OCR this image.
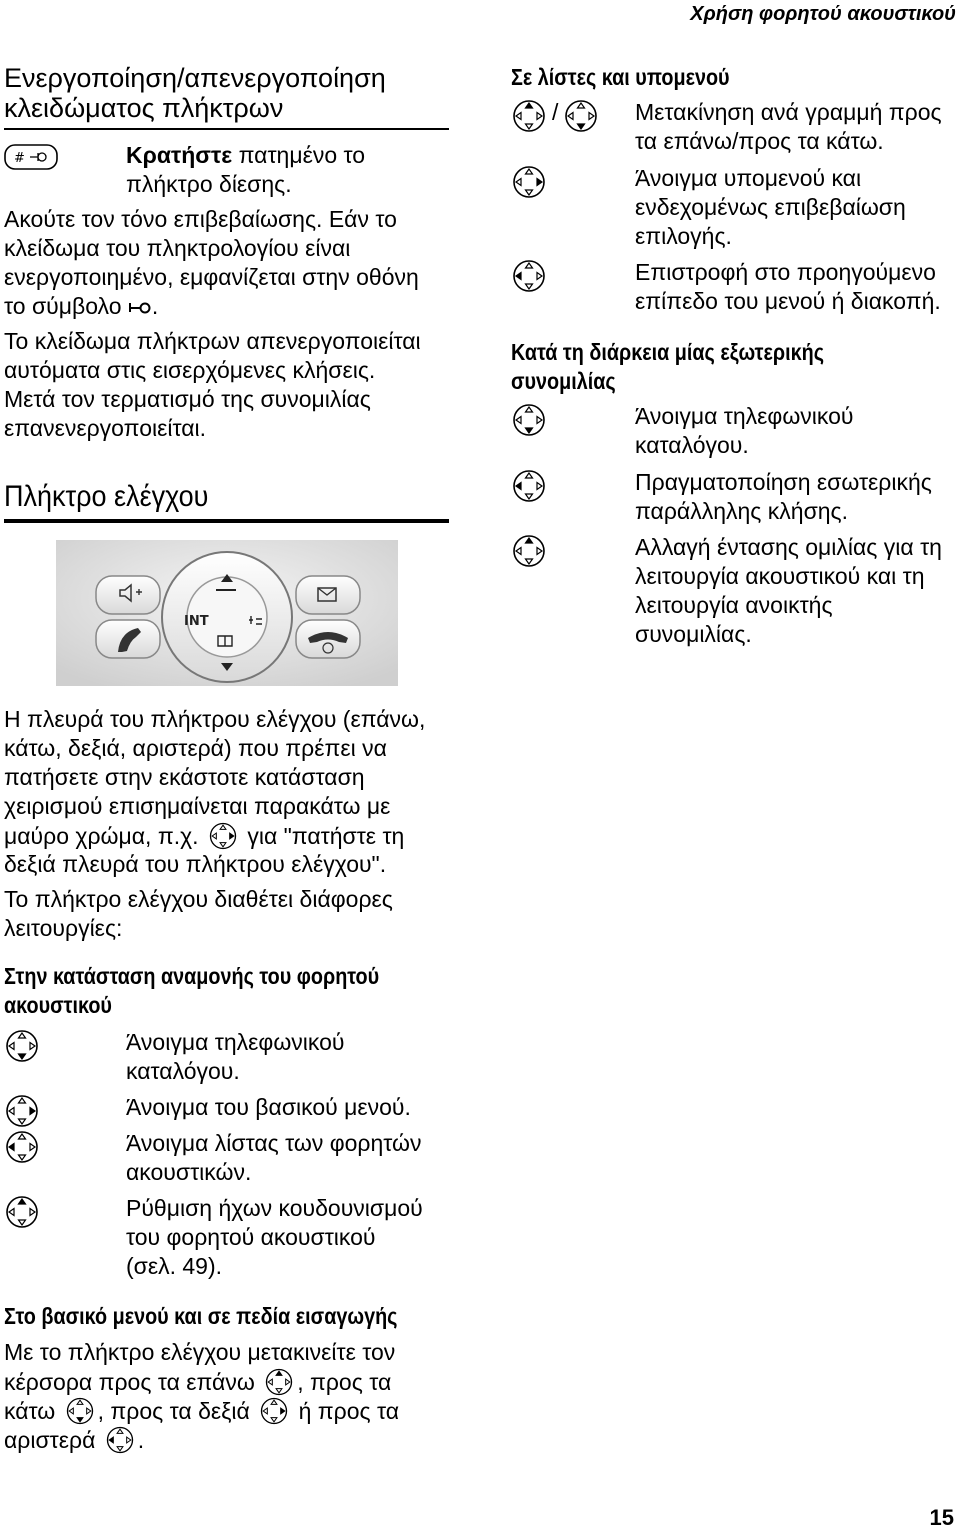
Χρήση φορητού ακουστικού
Ενεργοποίηση/απενεργοποίηση
κλειδώματος πλήκτρων
#	Κρατήστε πατημένο το
πλήκτρο δίεσης.
Ακούτε τον τόνο επιβεβαίωσης. Εάν το
κλείδωμα του πληκτρολογίου είναι
ενεργοποιημένο, εμφανίζεται στην οθόνη
το σύμβολο .
Το κλείδωμα πλήκτρων απενεργοποιείται
αυτόματα στις εισερχόμενες κλήσεις.
Μετά τον τερματισμό της συνομιλίας
επανενεργοποιείται.
Πλήκτρο ελέγχου
INT
Η πλευρά του πλήκτρου ελέγχου (επάνω,
κάτω, δεξιά, αριστερά) που πρέπει να
πατήσετε στην εκάστοτε κατάσταση
χειρισμού επισημαίνεται παρακάτω με
μαύρο χρώμα, π.χ. για "πατήστε τη
δεξιά πλευρά του πλήκτρου ελέγχου".
Το πλήκτρο ελέγχου διαθέτει διάφορες
λειτουργίες:
Στην κατάσταση αναμονής του φορητού
ακουστικού
Άνοιγμα τηλεφωνικού
καταλόγου.
Άνοιγμα του βασικού μενού.
Άνοιγμα λίστας των φορητών
ακουστικών.
Ρύθμιση ήχων κουδουνισμού
του φορητού ακουστικού
(σελ. 49).
Στο βασικό μενού και σε πεδία εισαγωγής
Με το πλήκτρο ελέγχου μετακινείτε τον
κέρσορα προς τα επάνω , προς τα
κάτω , προς τα δεξιά ή προς τα
αριστερά .
Σε λίστες και υπομενού
/	Μετακίνηση ανά γραμμή προς
τα επάνω/προς τα κάτω.
Άνοιγμα υπομενού και
ενδεχομένως επιβεβαίωση
επιλογής.
Επιστροφή στο προηγούμενο
επίπεδο του μενού ή διακοπή.
Κατά τη διάρκεια μίας εξωτερικής
συνομιλίας
Άνοιγμα τηλεφωνικού
καταλόγου.
Πραγματοποίηση εσωτερικής
παράλληλης κλήσης.
Αλλαγή έντασης ομιλίας για τη
λειτουργία ακουστικού και τη
λειτουργία ανοικτής
συνομιλίας.
15
